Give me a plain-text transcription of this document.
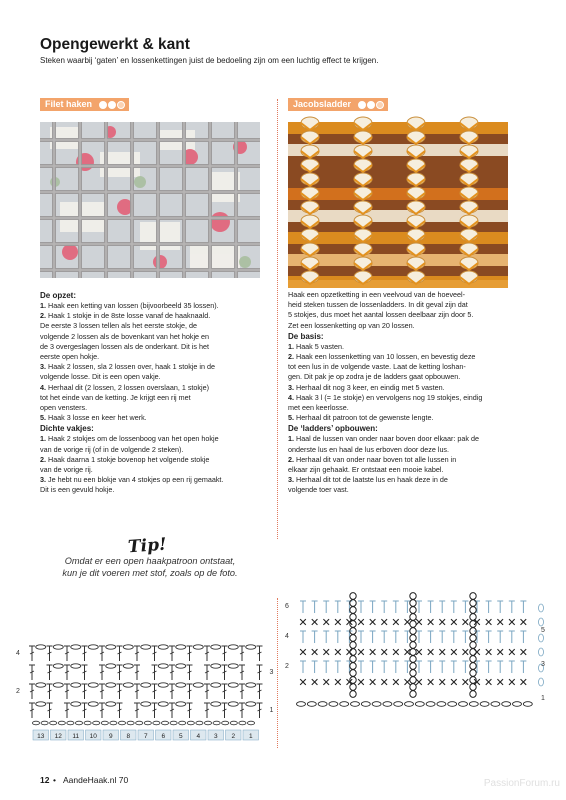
Opengewerkt & kant
Steken waarbij ‘gaten’ en lossenkettingen juist de bedoeling zijn om een luchtig effect te krijgen.
Filet haken

De opzet:

1. Haak een ketting van lossen (bijvoorbeeld 35 lossen).

2. Haak 1 stokje in de 8ste losse vanaf de haaknaald.

De eerste 3 lossen tellen als het eerste stokje, de

volgende 2 lossen als de bovenkant van het hokje en

de 3 overgeslagen lossen als de onderkant. Dit is het

eerste open hokje.

3. Haak 2 lossen, sla 2 lossen over, haak 1 stokje in de

volgende losse. Dit is een open vakje.

4. Herhaal dit (2 lossen, 2 lossen overslaan, 1 stokje)

tot het einde van de ketting. Je krijgt een rij met

open vensters.

5. Haak 3 losse en keer het werk.

Dichte vakjes:

1. Haak 2 stokjes om de lossenboog van het open hokje

van de vorige rij (of in de volgende 2 steken).

2. Haak daarna 1 stokje bovenop het volgende stokje

van de vorige rij.

3. Je hebt nu een blokje van 4 stokjes op een rij gemaakt.

Dit is een gevuld hokje.

Tip!

Omdat er een open haakpatroon ontstaat,

kun je dit voeren met stof, zoals op de foto.

13 12 11 10 9 8 7 6 5 4 3 2 1
4
2
3
1
Jacobsladder

Haak een opzetketting in een veelvoud van de hoeveel-

heid steken tussen de lossenladders. In dit geval zijn dat

5 stokjes, dus moet het aantal lossen deelbaar zijn door 5.

Zet een lossenketting op van 20 lossen.

De basis:

1. Haak 5 vasten.

2. Haak een lossenketting van 10 lossen, en bevestig deze

tot een lus in de volgende vaste. Laat de ketting loshan-

gen. Dit pak je op zodra je de ladders gaat opbouwen.

3. Herhaal dit nog 3 keer, en eindig met 5 vasten.

4. Haak 3 l (= 1e stokje) en vervolgens nog 19 stokjes, eindig

met een keerlosse.

5. Herhaal dit patroon tot de gewenste lengte.

De ‘ladders’ opbouwen:

1. Haal de lussen van onder naar boven door elkaar: pak de

onderste lus en haal de lus erboven door deze lus.

2. Herhaal dit van onder naar boven tot alle lussen in

elkaar zijn gehaakt. Er ontstaat een mooie kabel.

3. Herhaal dit tot de laatste lus en haak deze in de

volgende toer vast.

✕ ✕ ✕ ✕ ✕ ✕ ✕ ✕ ✕ ✕ ✕ ✕ ✕ ✕ ✕ ✕ ✕ ✕ ✕ ✕
✕ ✕ ✕ ✕ ✕ ✕ ✕ ✕ ✕ ✕ ✕ ✕ ✕ ✕ ✕ ✕ ✕ ✕ ✕ ✕
✕ ✕ ✕ ✕ ✕ ✕ ✕ ✕ ✕ ✕ ✕ ✕ ✕ ✕ ✕ ✕ ✕ ✕ ✕ ✕
6
4
2
5
3
1
12 • AandeHaak.nl 70	PassionForum.ru
